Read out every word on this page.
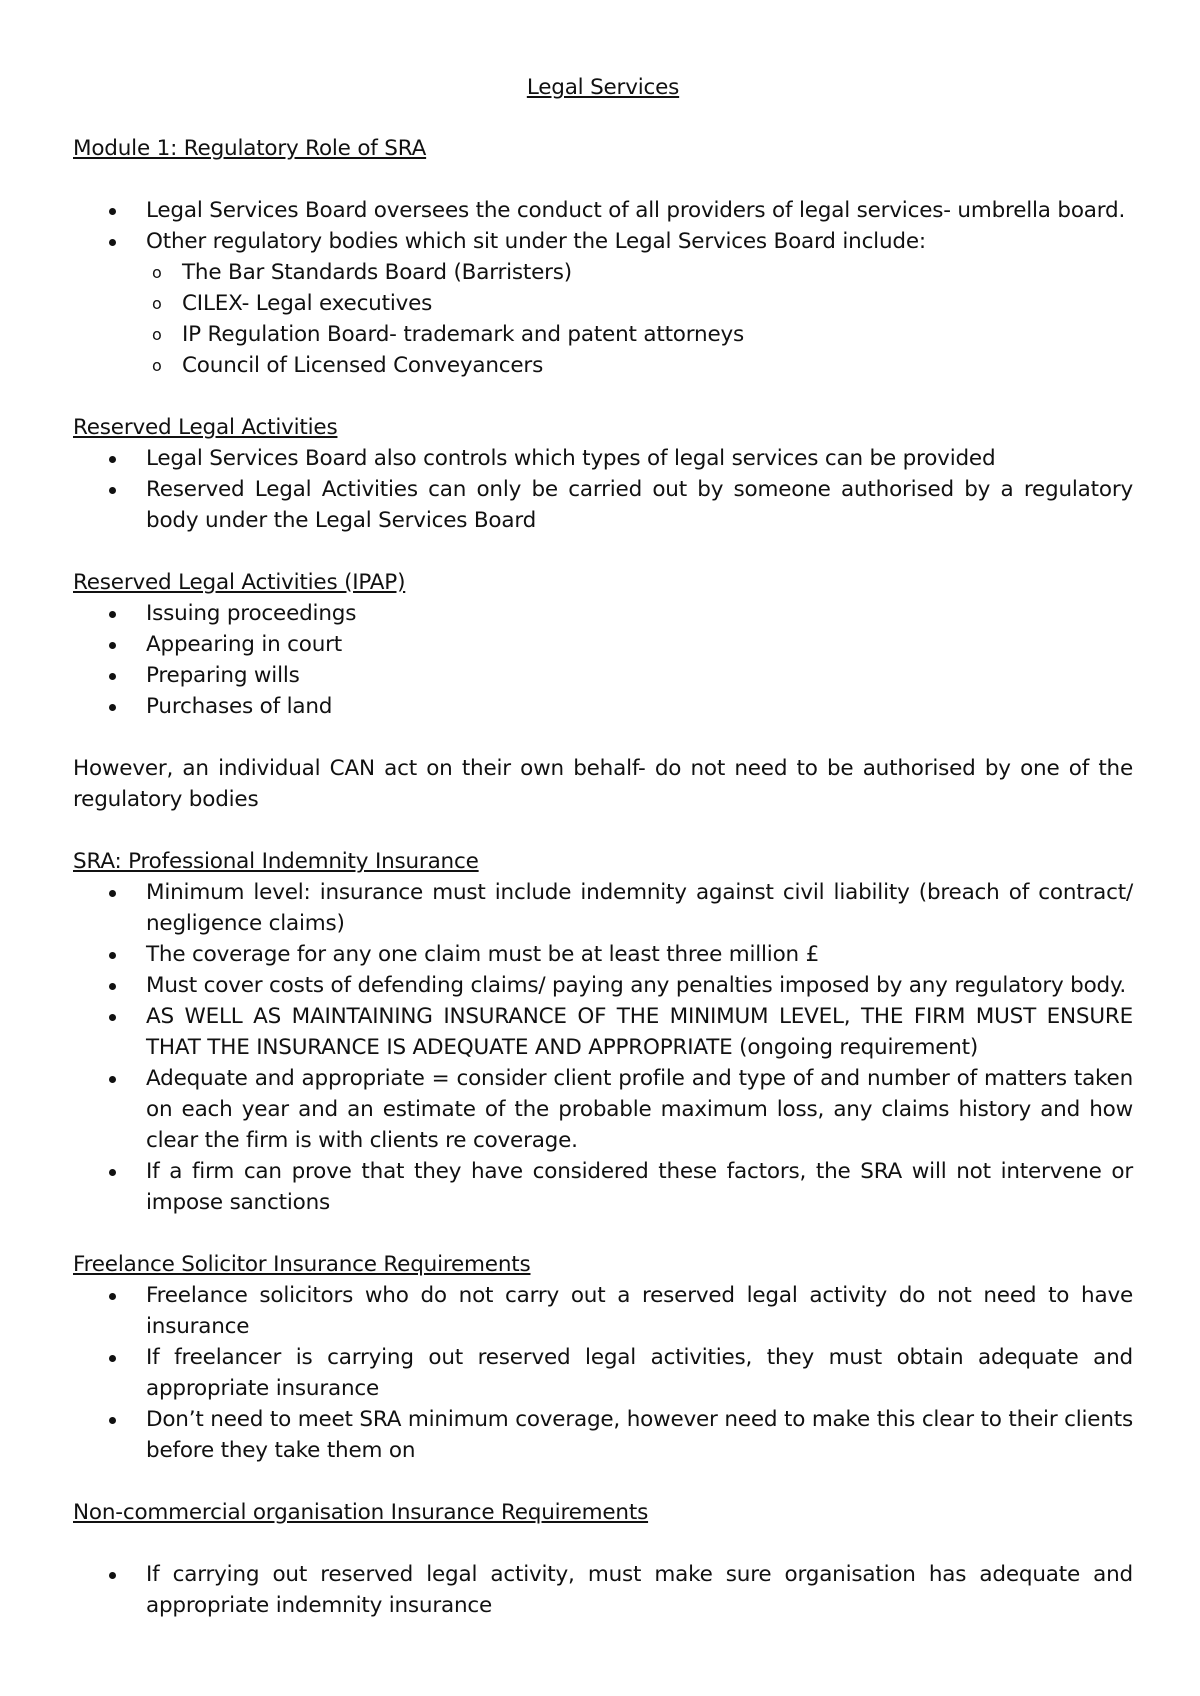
Legal Services
Module 1: Regulatory Role of SRA
Legal Services Board oversees the conduct of all providers of legal services- umbrella board.
Other regulatory bodies which sit under the Legal Services Board include:
o The Bar Standards Board (Barristers)
o CILEX- Legal executives
o IP Regulation Board- trademark and patent attorneys
o Council of Licensed Conveyancers
Reserved Legal Activities
Legal Services Board also controls which types of legal services can be provided
Reserved Legal Activities can only be carried out by someone authorised by a regulatory body under the Legal Services Board
Reserved Legal Activities (IPAP)
Issuing proceedings
Appearing in court
Preparing wills
Purchases of land

However, an individual CAN act on their own behalf- do not need to be authorised by one of the regulatory bodies

SRA: Professional Indemnity Insurance
Minimum level: insurance must include indemnity against civil liability (breach of contract/ negligence claims)
The coverage for any one claim must be at least three million £
Must cover costs of defending claims/ paying any penalties imposed by any regulatory body.
AS WELL AS MAINTAINING INSURANCE OF THE MINIMUM LEVEL, THE FIRM MUST ENSURE THAT THE INSURANCE IS ADEQUATE AND APPROPRIATE (ongoing requirement)
Adequate and appropriate = consider client profile and type of and number of matters taken on each year and an estimate of the probable maximum loss, any claims history and how clear the firm is with clients re coverage.
If a firm can prove that they have considered these factors, the SRA will not intervene or impose sanctions
Freelance Solicitor Insurance Requirements
Freelance solicitors who do not carry out a reserved legal activity do not need to have insurance
If freelancer is carrying out reserved legal activities, they must obtain adequate and appropriate insurance
Don’t need to meet SRA minimum coverage, however need to make this clear to their clients before they take them on
Non-commercial organisation Insurance Requirements
If carrying out reserved legal activity, must make sure organisation has adequate and appropriate indemnity insurance
